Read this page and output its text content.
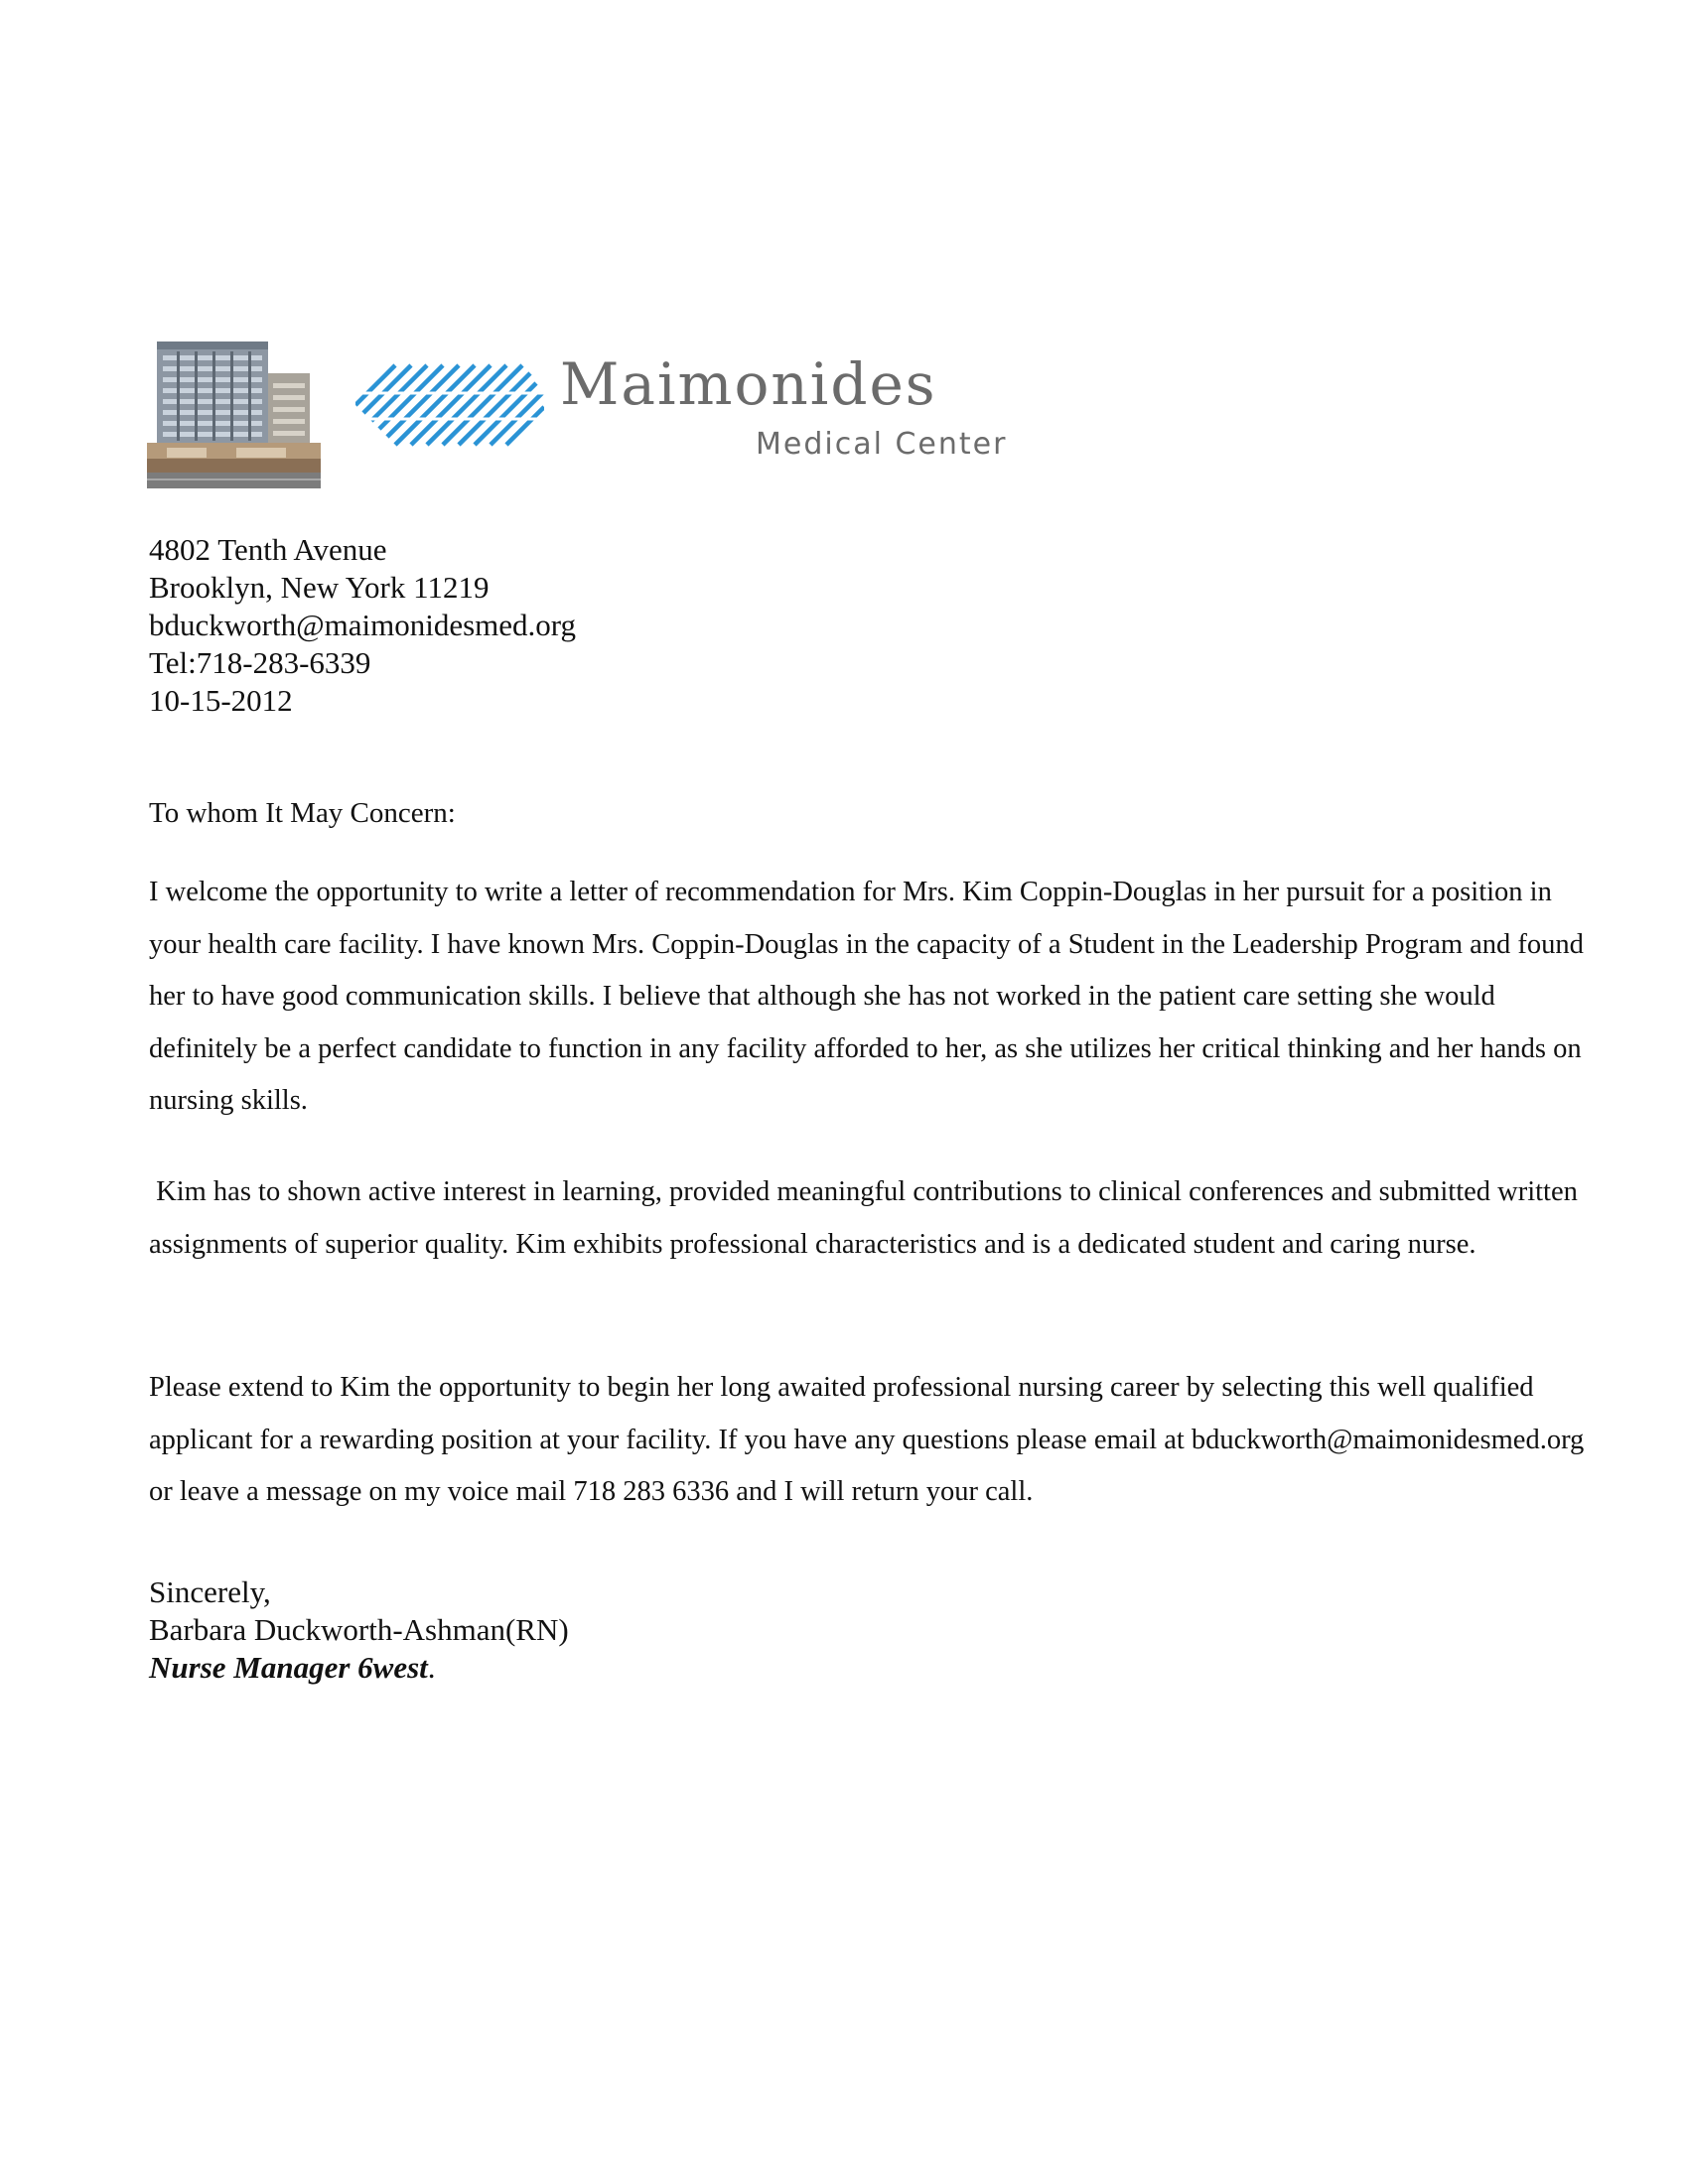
Maimonides
Medical Center
4802 Tenth Avenue
Brooklyn, New York 11219
bduckworth@maimonidesmed.org
Tel:718-283-6339
10-15-2012
To whom It May Concern:
I welcome the opportunity to write a letter of recommendation for Mrs. Kim Coppin-Douglas in her pursuit for a position in your health care facility. I have known Mrs. Coppin-Douglas in the capacity of a Student in the Leadership Program and found her to have good communication skills. I believe that although she has not worked in the patient care setting she would definitely be a perfect candidate to function in any facility afforded to her, as she utilizes her critical thinking and her hands on nursing skills.
Kim has to shown active interest in learning, provided meaningful contributions to clinical conferences and submitted written assignments of superior quality. Kim exhibits professional characteristics and is a dedicated student and caring nurse.
Please extend to Kim the opportunity to begin her long awaited professional nursing career by selecting this well qualified applicant for a rewarding position at your facility. If you have any questions please email at bduckworth@maimonidesmed.org or leave a message on my voice mail 718 283 6336 and I will return your call.
Sincerely,
Barbara Duckworth-Ashman(RN)
Nurse Manager 6west.
